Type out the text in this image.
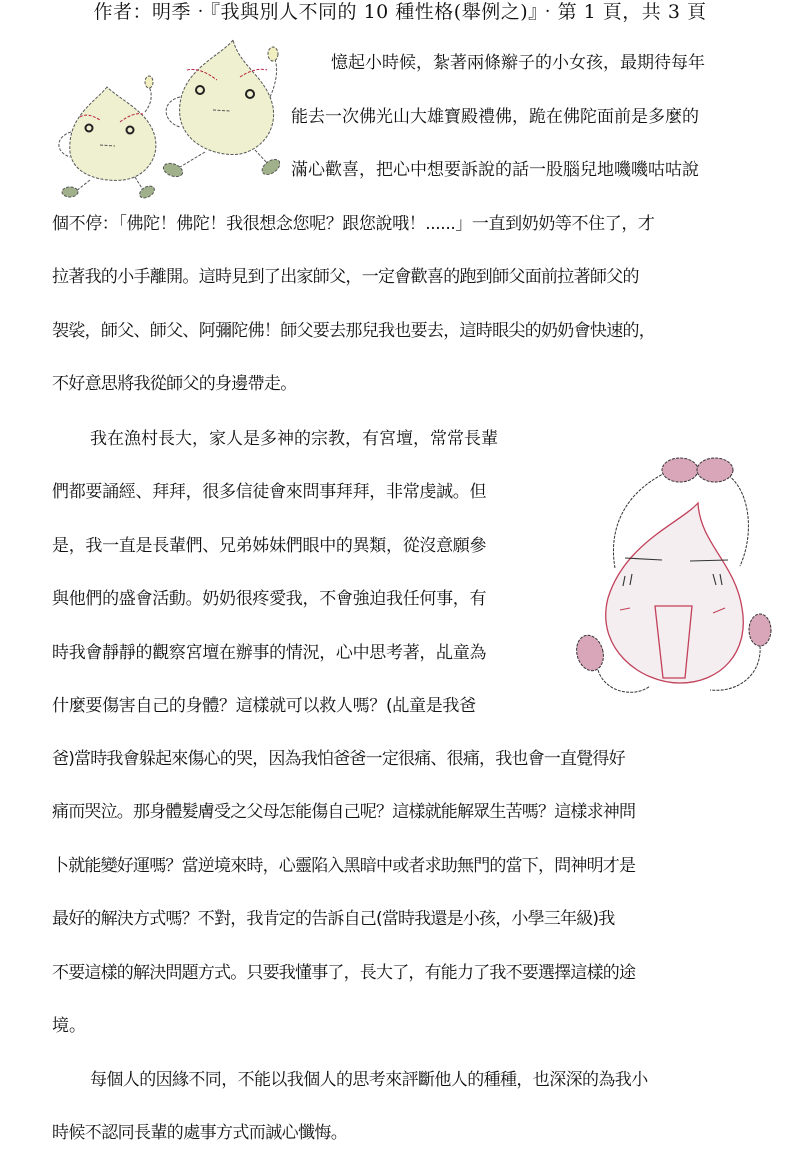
作者：明季‧『我與別人不同的 10 種性格(舉例之)』‧第 1 頁，共 3 頁
憶起小時候，紮著兩條辮子的小女孩，最期待每年
能去一次佛光山大雄寶殿禮佛，跪在佛陀面前是多麼的
滿心歡喜，把心中想要訴說的話一股腦兒地嘰嘰咕咕說
個不停：「佛陀！佛陀！我很想念您呢？跟您說哦！......」一直到奶奶等不住了，才
拉著我的小手離開。這時見到了出家師父，一定會歡喜的跑到師父面前拉著師父的
袈裟，師父、師父、阿彌陀佛！師父要去那兒我也要去，這時眼尖的奶奶會快速的，
不好意思將我從師父的身邊帶走。
我在漁村長大，家人是多神的宗教，有宮壇，常常長輩
們都要誦經、拜拜，很多信徒會來問事拜拜，非常虔誠。但
是，我一直是長輩們、兄弟姊妹們眼中的異類，從沒意願參
與他們的盛會活動。奶奶很疼愛我，不會強迫我任何事，有
時我會靜靜的觀察宮壇在辦事的情況，心中思考著，乩童為
什麼要傷害自己的身體？這樣就可以救人嗎？(乩童是我爸
爸)當時我會躲起來傷心的哭，因為我怕爸爸一定很痛、很痛，我也會一直覺得好
痛而哭泣。那身體髮膚受之父母怎能傷自己呢？這樣就能解眾生苦嗎？這樣求神問
卜就能變好運嗎？當逆境來時，心靈陷入黑暗中或者求助無門的當下，問神明才是
最好的解決方式嗎？不對，我肯定的告訴自己(當時我還是小孩，小學三年級)我
不要這樣的解決問題方式。只要我懂事了，長大了，有能力了我不要選擇這樣的途
境。
每個人的因緣不同，不能以我個人的思考來評斷他人的種種，也深深的為我小
時候不認同長輩的處事方式而誠心懺悔。
